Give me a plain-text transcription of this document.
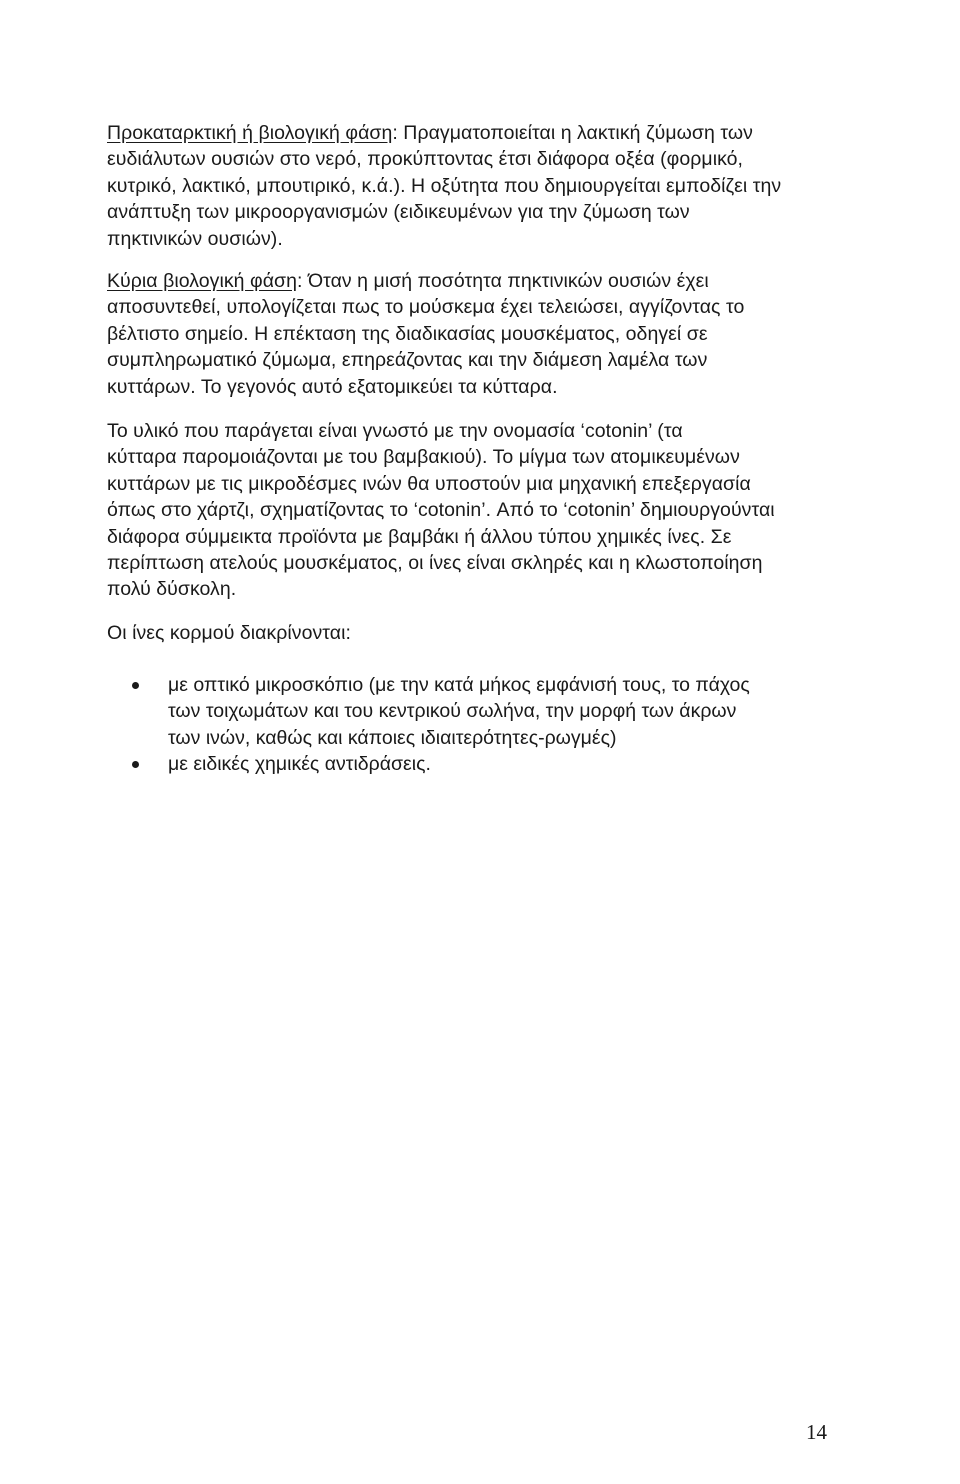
Προκαταρκτική ή βιολογική φάση: Πραγματοποιείται η λακτική ζύμωση των
ευδιάλυτων ουσιών στο νερό, προκύπτοντας έτσι διάφορα οξέα (φορμικό,
κυτρικό, λακτικό, μπουτιρικό, κ.ά.). Η οξύτητα που δημιουργείται εμποδίζει την
ανάπτυξη των μικροοργανισμών (ειδικευμένων για την ζύμωση των
πηκτινικών ουσιών).

Κύρια βιολογική φάση: Όταν η μισή ποσότητα πηκτινικών ουσιών έχει
αποσυντεθεί, υπολογίζεται πως το μούσκεμα έχει τελειώσει, αγγίζοντας το
βέλτιστο σημείο. Η επέκταση της διαδικασίας μουσκέματος, οδηγεί σε
συμπληρωματικό ζύμωμα, επηρεάζοντας και την διάμεση λαμέλα των
κυττάρων. Το γεγονός αυτό εξατομικεύει τα κύτταρα.

Το υλικό που παράγεται είναι γνωστό με την ονομασία ‘cotonin’ (τα
κύτταρα παρομοιάζονται με του βαμβακιού). Το μίγμα των ατομικευμένων
κυττάρων με τις μικροδέσμες ινών θα υποστούν μια μηχανική επεξεργασία
όπως στο χάρτζι, σχηματίζοντας το ‘cotonin’. Από το ‘cotonin’ δημιουργούνται
διάφορα σύμμεικτα προϊόντα με βαμβάκι ή άλλου τύπου χημικές ίνες. Σε
περίπτωση ατελούς μουσκέματος, οι ίνες είναι σκληρές και η κλωστοποίηση
πολύ δύσκολη.

Οι ίνες κορμού διακρίνονται:

με οπτικό μικροσκόπιο (με την κατά μήκος εμφάνισή τους, το πάχος
των τοιχωμάτων και του κεντρικού σωλήνα, την μορφή των άκρων
των ινών, καθώς και κάποιες ιδιαιτερότητες-ρωγμές)
με ειδικές χημικές αντιδράσεις.
14
